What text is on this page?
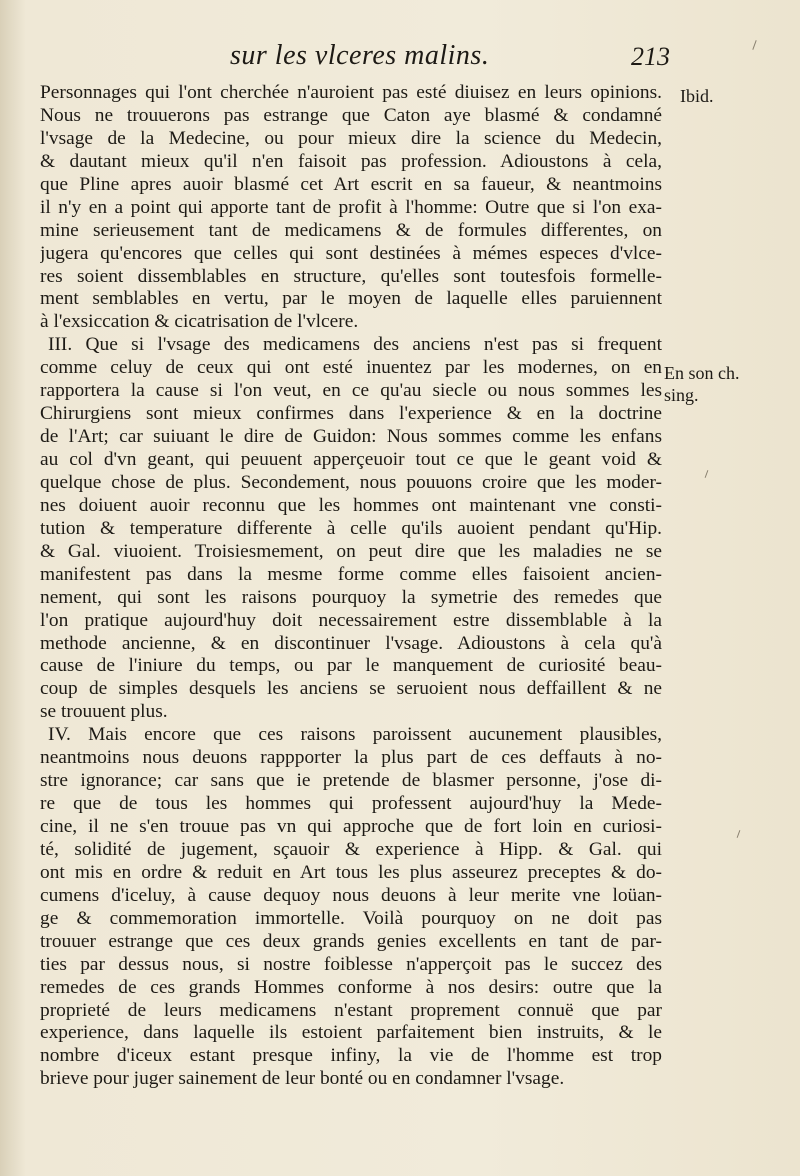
sur les vlceres malins.	213
Ibid.
En son ch.
sing.
Personnages qui l'ont cherchée n'auroient pas esté diuisez en leurs opinions.
Nous ne trouuerons pas estrange que Caton aye blasmé & condamné
l'vsage de la Medecine, ou pour mieux dire la science du Medecin,
& dautant mieux qu'il n'en faisoit pas profession. Adioustons à cela,
que Pline apres auoir blasmé cet Art escrit en sa faueur, & neantmoins
il n'y en a point qui apporte tant de profit à l'homme: Outre que si l'on exa-
mine serieusement tant de medicamens & de formules differentes, on
jugera qu'encores que celles qui sont destinées à mémes especes d'vlce-
res soient dissemblables en structure, qu'elles sont toutesfois formelle-
ment semblables en vertu, par le moyen de laquelle elles paruiennent
à l'exsiccation & cicatrisation de l'vlcere.
III. Que si l'vsage des medicamens des anciens n'est pas si frequent
comme celuy de ceux qui ont esté inuentez par les modernes, on en
rapportera la cause si l'on veut, en ce qu'au siecle ou nous sommes les
Chirurgiens sont mieux confirmes dans l'experience & en la doctrine
de l'Art; car suiuant le dire de Guidon: Nous sommes comme les enfans
au col d'vn geant, qui peuuent apperçeuoir tout ce que le geant void &
quelque chose de plus. Secondement, nous pouuons croire que les moder-
nes doiuent auoir reconnu que les hommes ont maintenant vne consti-
tution & temperature differente à celle qu'ils auoient pendant qu'Hip.
& Gal. viuoient. Troisiesmement, on peut dire que les maladies ne se
manifestent pas dans la mesme forme comme elles faisoient ancien-
nement, qui sont les raisons pourquoy la symetrie des remedes que
l'on pratique aujourd'huy doit necessairement estre dissemblable à la
methode ancienne, & en discontinuer l'vsage. Adioustons à cela qu'à
cause de l'iniure du temps, ou par le manquement de curiosité beau-
coup de simples desquels les anciens se seruoient nous deffaillent & ne
se trouuent plus.
IV. Mais encore que ces raisons paroissent aucunement plausibles,
neantmoins nous deuons rappporter la plus part de ces deffauts à no-
stre ignorance; car sans que ie pretende de blasmer personne, j'ose di-
re que de tous les hommes qui professent aujourd'huy la Mede-
cine, il ne s'en trouue pas vn qui approche que de fort loin en curiosi-
té, solidité de jugement, sçauoir & experience à Hipp. & Gal. qui
ont mis en ordre & reduit en Art tous les plus asseurez preceptes & do-
cumens d'iceluy, à cause dequoy nous deuons à leur merite vne loüan-
ge & commemoration immortelle. Voilà pourquoy on ne doit pas
trouuer estrange que ces deux grands genies excellents en tant de par-
ties par dessus nous, si nostre foiblesse n'apperçoit pas le succez des
remedes de ces grands Hommes conforme à nos desirs: outre que la
proprieté de leurs medicamens n'estant proprement connuë que par
experience, dans laquelle ils estoient parfaitement bien instruits, & le
nombre d'iceux estant presque infiny, la vie de l'homme est trop
brieve pour juger sainement de leur bonté ou en condamner l'vsage.
